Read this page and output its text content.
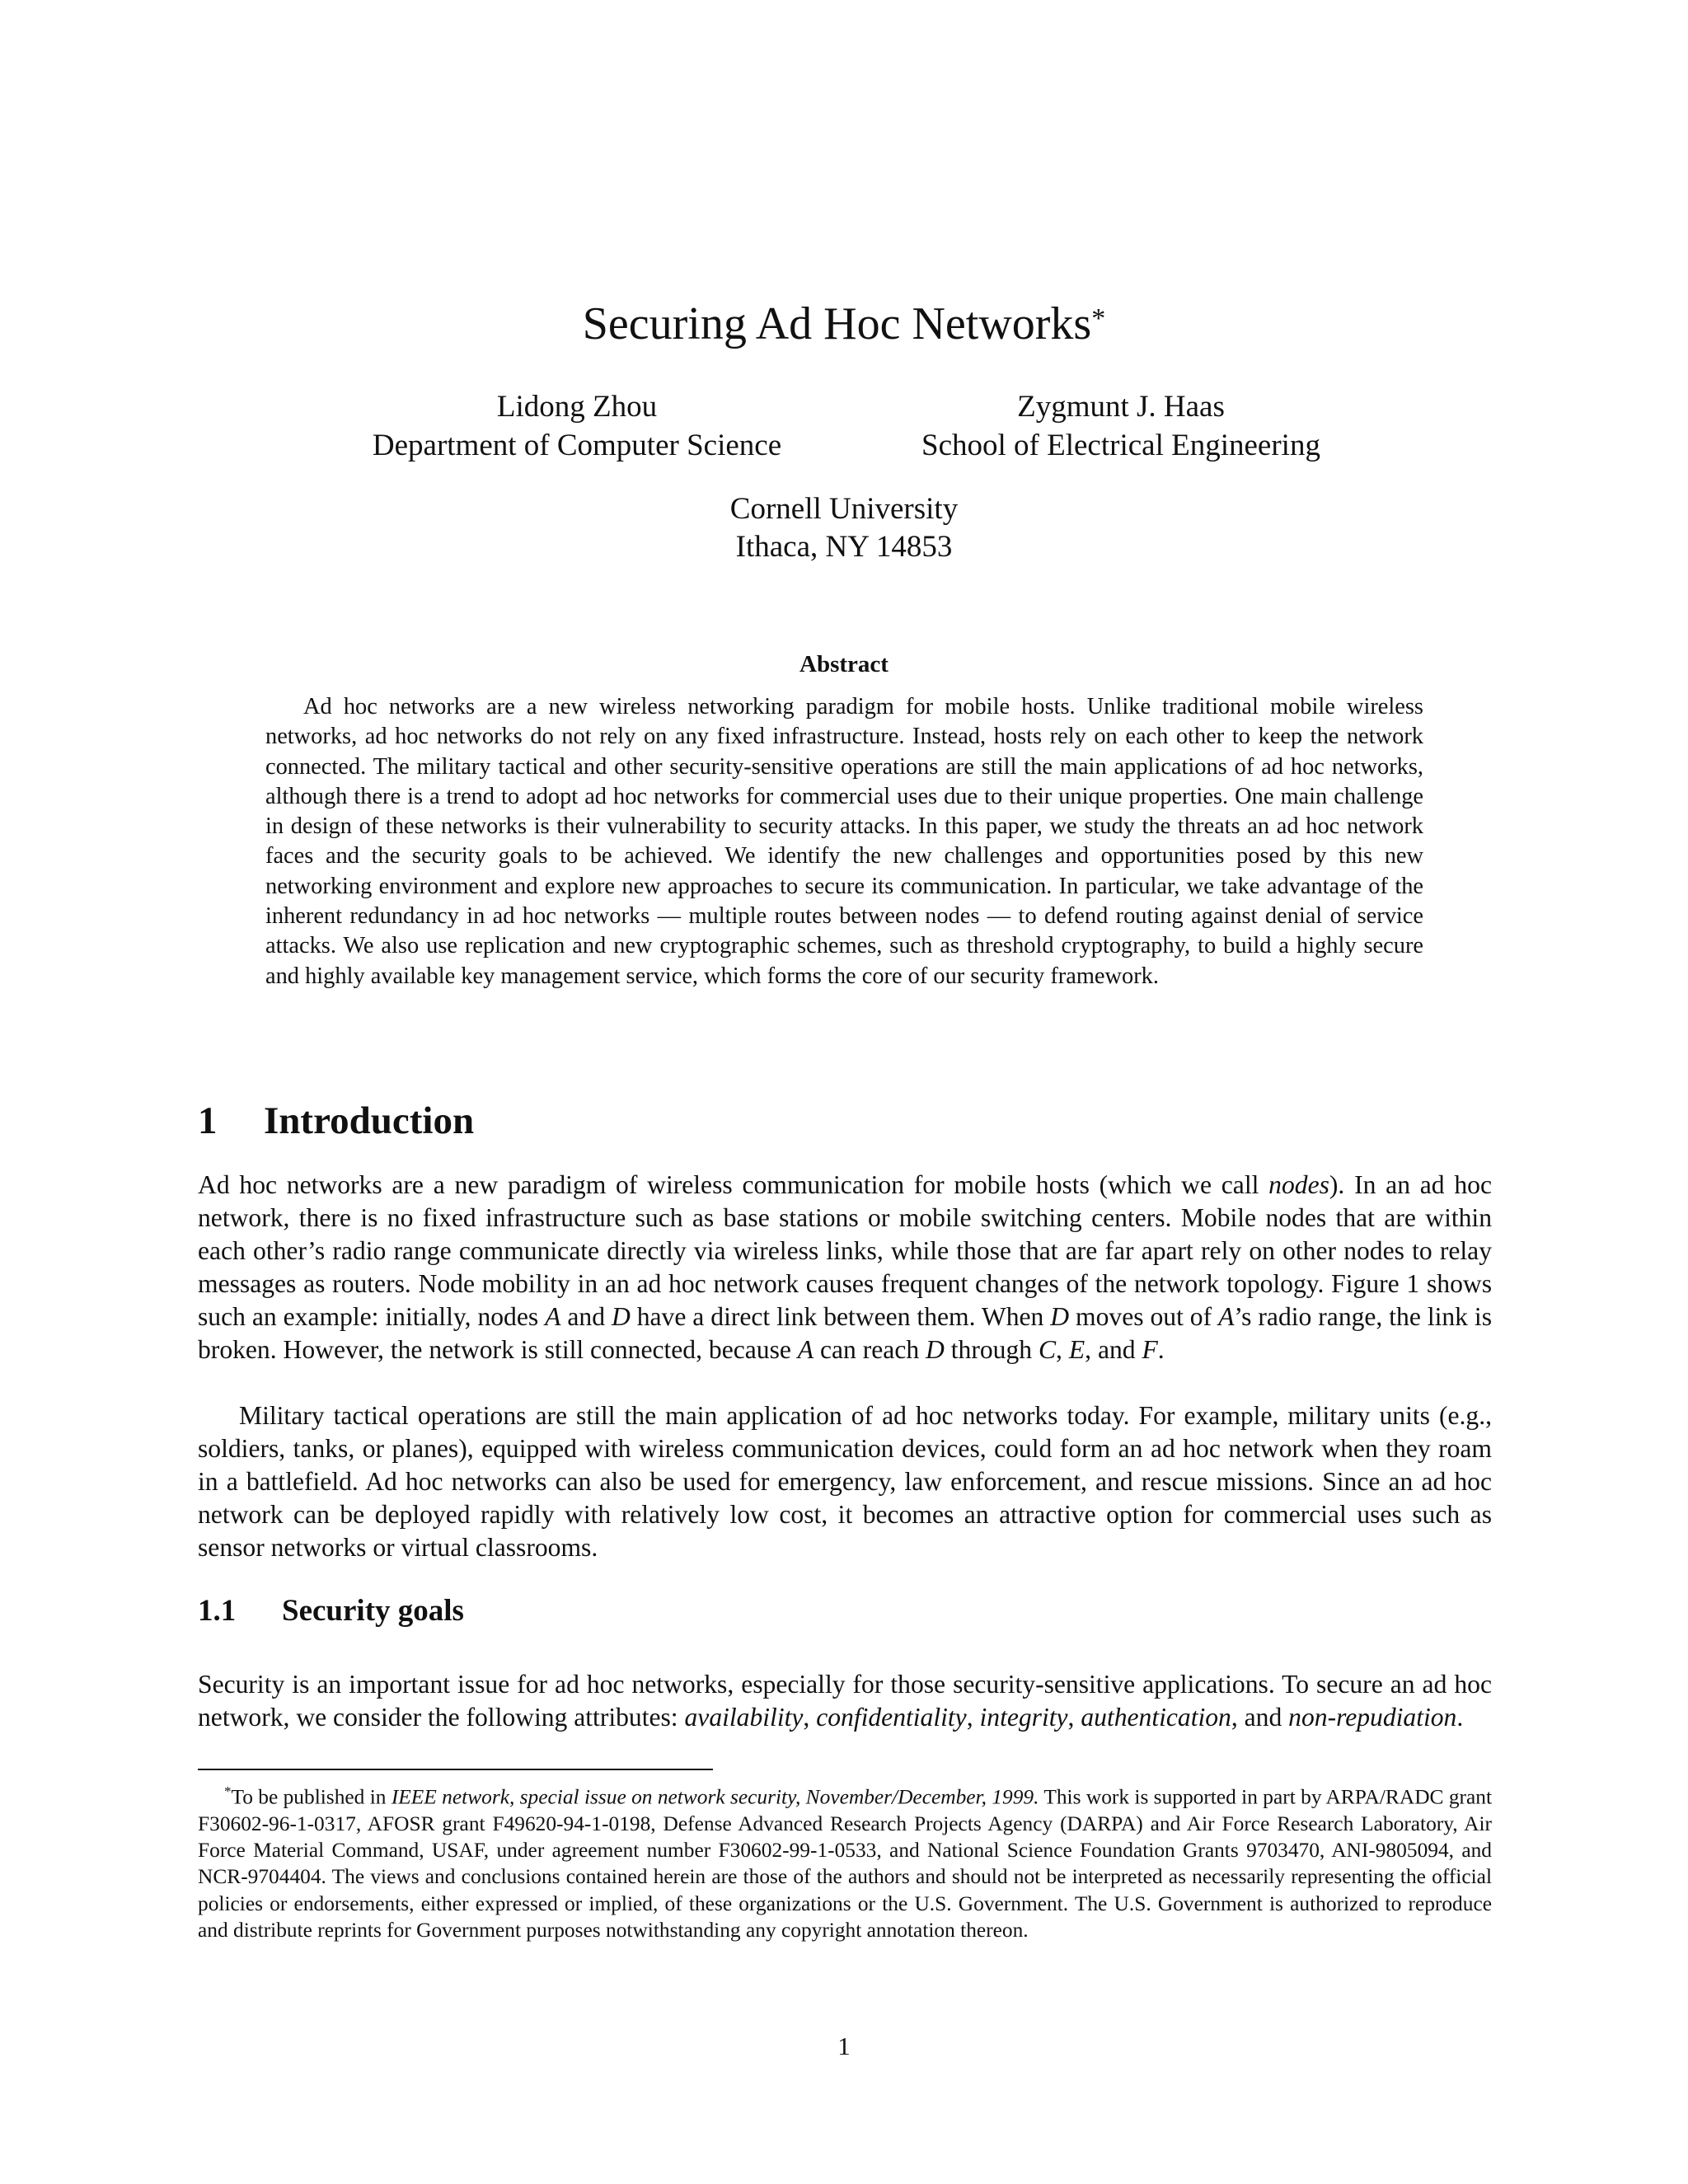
Securing Ad Hoc Networks*
Lidong Zhou
Department of Computer Science
Zygmunt J. Haas
School of Electrical Engineering
Cornell University
Ithaca, NY 14853
Abstract

Ad hoc networks are a new wireless networking paradigm for mobile hosts. Unlike traditional mobile wireless networks, ad hoc networks do not rely on any fixed infrastructure. Instead, hosts rely on each other to keep the network connected. The military tactical and other security-sensitive operations are still the main applications of ad hoc networks, although there is a trend to adopt ad hoc networks for commercial uses due to their unique properties. One main challenge in design of these networks is their vulnerability to security attacks. In this paper, we study the threats an ad hoc network faces and the security goals to be achieved. We identify the new challenges and opportunities posed by this new networking environment and explore new approaches to secure its communication. In particular, we take advantage of the inherent redundancy in ad hoc networks — multiple routes between nodes — to defend routing against denial of service attacks. We also use replication and new cryptographic schemes, such as threshold cryptography, to build a highly secure and highly available key management service, which forms the core of our security framework.

1 Introduction

Ad hoc networks are a new paradigm of wireless communication for mobile hosts (which we call nodes). In an ad hoc network, there is no fixed infrastructure such as base stations or mobile switching centers. Mobile nodes that are within each other’s radio range communicate directly via wireless links, while those that are far apart rely on other nodes to relay messages as routers. Node mobility in an ad hoc network causes frequent changes of the network topology. Figure 1 shows such an example: initially, nodes A and D have a direct link between them. When D moves out of A’s radio range, the link is broken. However, the network is still connected, because A can reach D through C, E, and F.

Military tactical operations are still the main application of ad hoc networks today. For example, military units (e.g., soldiers, tanks, or planes), equipped with wireless communication devices, could form an ad hoc network when they roam in a battlefield. Ad hoc networks can also be used for emergency, law enforcement, and rescue missions. Since an ad hoc network can be deployed rapidly with relatively low cost, it becomes an attractive option for commercial uses such as sensor networks or virtual classrooms.

1.1 Security goals

Security is an important issue for ad hoc networks, especially for those security-sensitive applications. To secure an ad hoc network, we consider the following attributes: availability, confidentiality, integrity, authentication, and non-repudiation.

*To be published in IEEE network, special issue on network security, November/December, 1999. This work is supported in part by ARPA/RADC grant F30602-96-1-0317, AFOSR grant F49620-94-1-0198, Defense Advanced Research Projects Agency (DARPA) and Air Force Research Laboratory, Air Force Material Command, USAF, under agreement number F30602-99-1-0533, and National Science Foundation Grants 9703470, ANI-9805094, and NCR-9704404. The views and conclusions contained herein are those of the authors and should not be interpreted as necessarily representing the official policies or endorsements, either expressed or implied, of these organizations or the U.S. Government. The U.S. Government is authorized to reproduce and distribute reprints for Government purposes notwithstanding any copyright annotation thereon.

1
